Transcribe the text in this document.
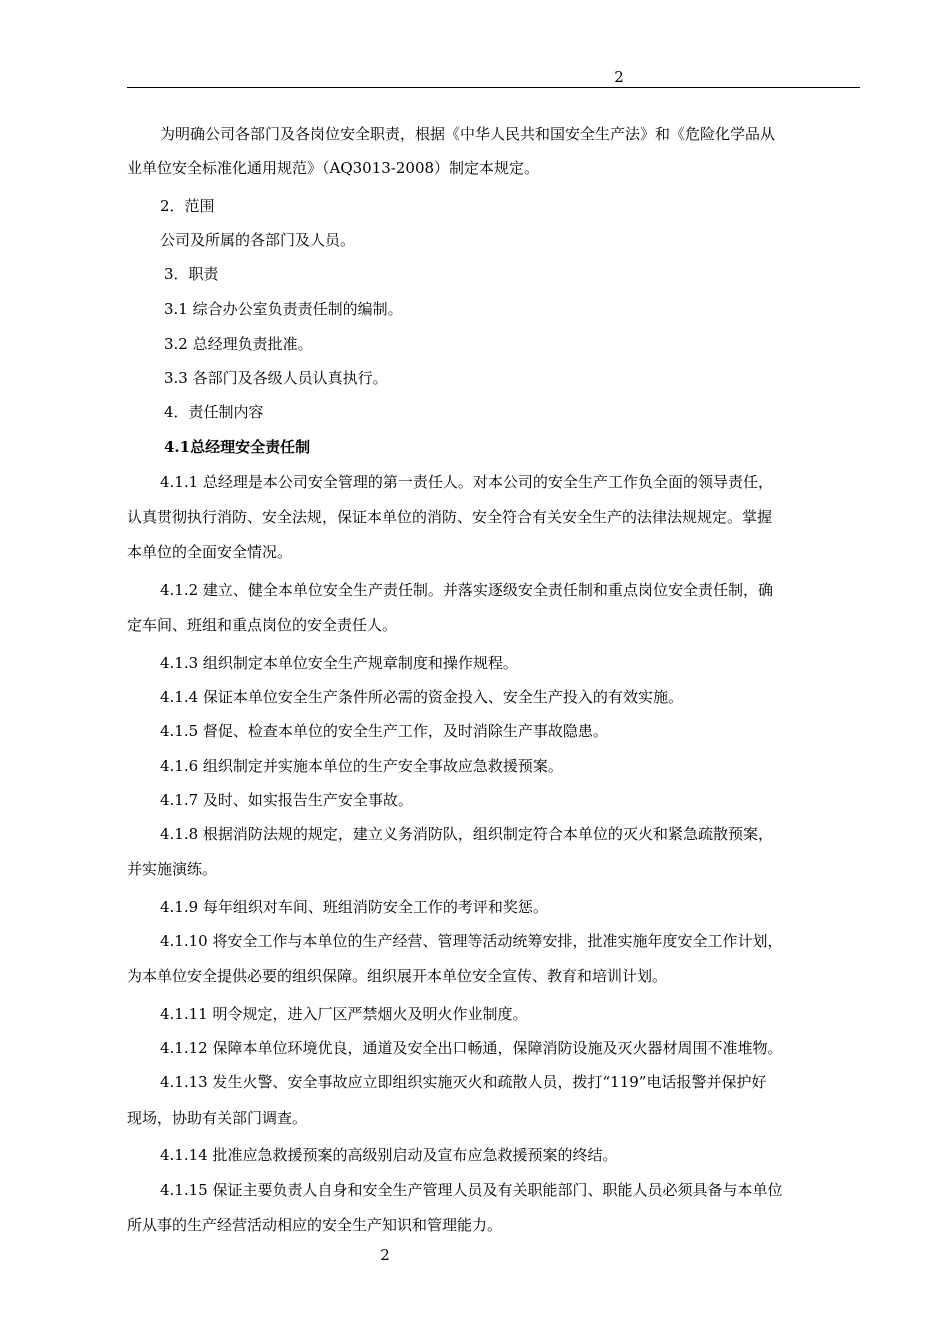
2
为明确公司各部门及各岗位安全职责，根据《中华人民共和国安全生产法》和《危险化学品从
业单位安全标准化通用规范》（AQ3013-2008）制定本规定。
2．范围
公司及所属的各部门及人员。
3．职责
3.1 综合办公室负责责任制的编制。
3.2 总经理负责批准。
3.3 各部门及各级人员认真执行。
4．责任制内容
4.1总经理安全责任制
4.1.1 总经理是本公司安全管理的第一责任人。对本公司的安全生产工作负全面的领导责任，
认真贯彻执行消防、安全法规，保证本单位的消防、安全符合有关安全生产的法律法规规定。掌握
本单位的全面安全情况。
4.1.2 建立、健全本单位安全生产责任制。并落实逐级安全责任制和重点岗位安全责任制，确
定车间、班组和重点岗位的安全责任人。
4.1.3 组织制定本单位安全生产规章制度和操作规程。
4.1.4 保证本单位安全生产条件所必需的资金投入、安全生产投入的有效实施。
4.1.5 督促、检查本单位的安全生产工作，及时消除生产事故隐患。
4.1.6 组织制定并实施本单位的生产安全事故应急救援预案。
4.1.7 及时、如实报告生产安全事故。
4.1.8 根据消防法规的规定，建立义务消防队，组织制定符合本单位的灭火和紧急疏散预案，
并实施演练。
4.1.9 每年组织对车间、班组消防安全工作的考评和奖惩。
4.1.10 将安全工作与本单位的生产经营、管理等活动统筹安排，批准实施年度安全工作计划，
为本单位安全提供必要的组织保障。组织展开本单位安全宣传、教育和培训计划。
4.1.11 明令规定，进入厂区严禁烟火及明火作业制度。
4.1.12 保障本单位环境优良，通道及安全出口畅通，保障消防设施及灭火器材周围不准堆物。
4.1.13 发生火警、安全事故应立即组织实施灭火和疏散人员，拨打“119”电话报警并保护好
现场，协助有关部门调查。
4.1.14 批准应急救援预案的高级别启动及宣布应急救援预案的终结。
4.1.15 保证主要负责人自身和安全生产管理人员及有关职能部门、职能人员必须具备与本单位
所从事的生产经营活动相应的安全生产知识和管理能力。
2
